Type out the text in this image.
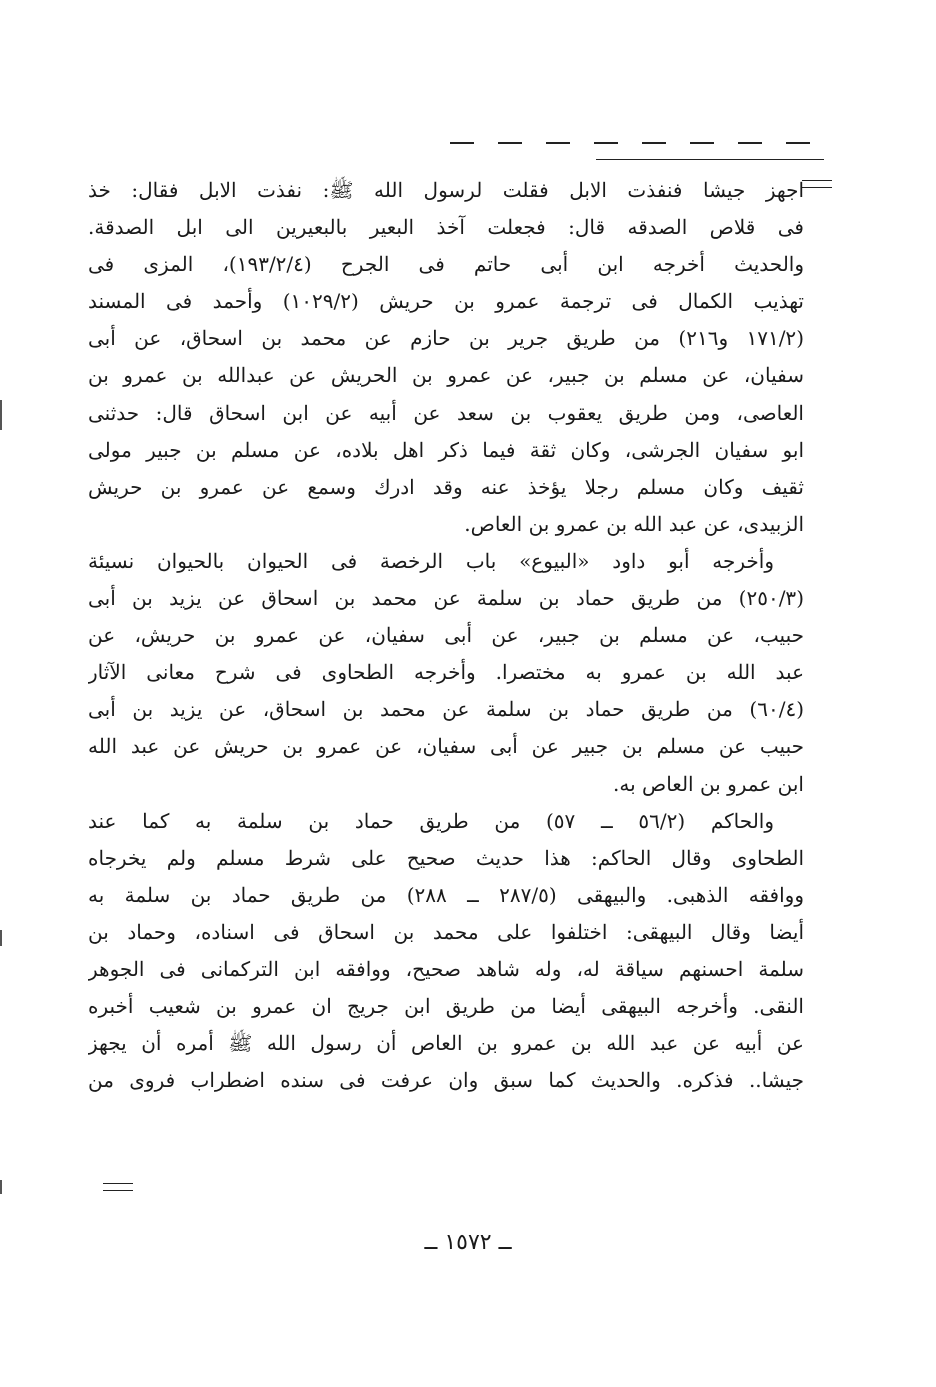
اجهز جيشا فنفذت الابل فقلت لرسول الله ﷺ: نفذت الابل فقال: خذ
فى قلاص الصدقه قال: فجعلت آخذ البعير بالبعيرين الى ابل الصدقة.
والحديث أخرجه ابن أبى حاتم فى الجرح (١٩٣/٢/٤)، المزى فى
تهذيب الكمال فى ترجمة عمرو بن حريش (١٠٢٩/٢) وأحمد فى المسند
(١٧١/٢ و٢١٦) من طريق جرير بن حازم عن محمد بن اسحاق، عن أبى
سفيان، عن مسلم بن جبير، عن عمرو بن الحريش عن عبدالله بن عمرو بن
العاصى، ومن طريق يعقوب بن سعد عن أبيه عن ابن اسحاق قال: حدثنى
ابو سفيان الجرشى، وكان ثقة فيما ذكر اهل بلاده، عن مسلم بن جبير مولى
ثقيف وكان مسلم رجلا يؤخذ عنه وقد ادرك وسمع عن عمرو بن حريش
الزبيدى، عن عبد الله بن عمرو بن العاص.
وأخرجه أبو داود «البيوع» باب الرخصة فى الحيوان بالحيوان نسيئة
(٢٥٠/٣) من طريق حماد بن سلمة عن محمد بن اسحاق عن يزيد بن أبى
حبيب، عن مسلم بن جبير، عن أبى سفيان، عن عمرو بن حريش، عن
عبد الله بن عمرو به مختصرا. وأخرجه الطحاوى فى شرح معانى الآثار
(٦٠/٤) من طريق حماد بن سلمة عن محمد بن اسحاق، عن يزيد بن أبى
حبيب عن مسلم بن جبير عن أبى سفيان، عن عمرو بن حريش عن عبد الله
ابن عمرو بن العاص به.
والحاكم (٥٦/٢ ــ ٥٧) من طريق حماد بن سلمة به كما عند
الطحاوى وقال الحاكم: هذا حديث صحيح على شرط مسلم ولم يخرجاه
ووافقه الذهبى. والبيهقى (٢٨٧/٥ ــ ٢٨٨) من طريق حماد بن سلمة به
أيضا وقال البيهقى: اختلفوا على محمد بن اسحاق فى اسناده، وحماد بن
سلمة احسنهم سياقة له، وله شاهد صحيح، ووافقه ابن التركمانى فى الجوهر
النقى. وأخرجه البيهقى أيضا من طريق ابن جريج ان عمرو بن شعيب أخبره
عن أبيه عن عبد الله بن عمرو بن العاص أن رسول الله ﷺ أمره أن يجهز
جيشا.. فذكره. والحديث كما سبق وان عرفت فى سنده اضطراب فروى من
ــ ١٥٧٢ ــ
